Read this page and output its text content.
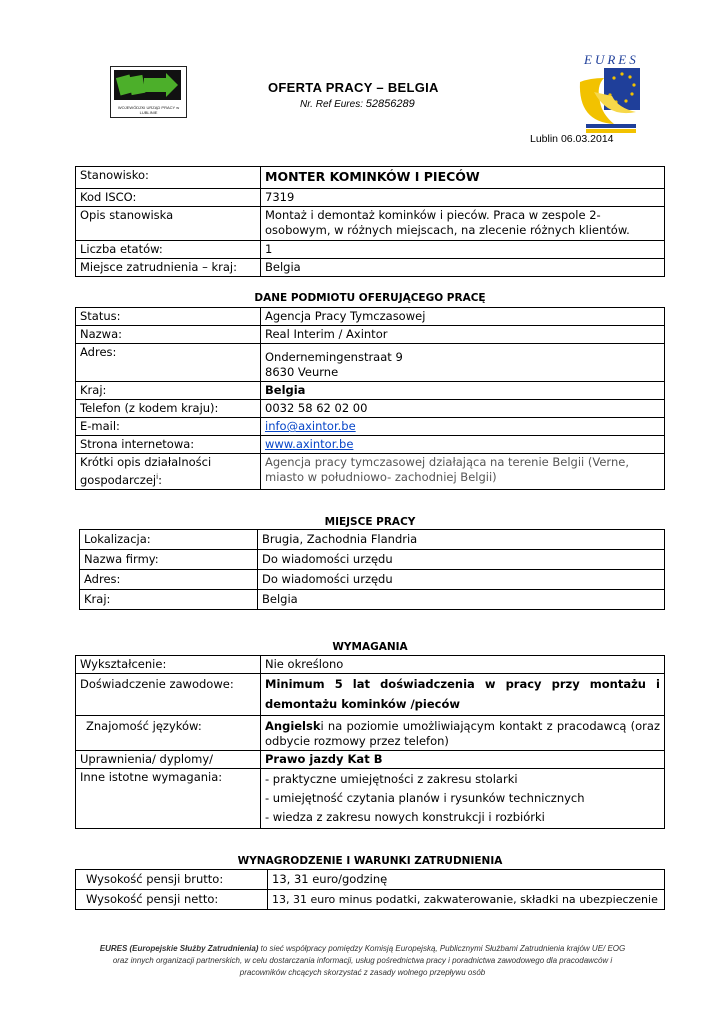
WOJEWÓDZKI URZĄD PRACY w LUBLINIE
OFERTA PRACY – BELGIA
Nr. Ref Eures: 52856289
EURES
Lublin 06.03.2014
Stanowisko:	MONTER KOMINKÓW I PIECÓW
Kod ISCO:	7319
Opis stanowiska	Montaż i demontaż kominków i pieców. Praca w zespole 2-osobowym, w różnych miejscach, na zlecenie różnych klientów.
Liczba etatów:	1
Miejsce zatrudnienia – kraj:	Belgia
DANE PODMIOTU OFERUJĄCEGO PRACĘ
Status:	Agencja Pracy Tymczasowej
Nazwa:	Real Interim / Axintor
Adres:	Ondernemingenstraat 9
8630 Veurne

Kraj:	Belgia
Telefon (z kodem kraju):	0032 58 62 02 00
E-mail:	info@axintor.be
Strona internetowa:	www.axintor.be

Krótki opis działalności
gospodarczej$^i$:	Agencja pracy tymczasowej działająca na terenie Belgii (Verne, miasto w południowo- zachodniej Belgii)
MIEJSCE PRACY
Lokalizacja:	Brugia, Zachodnia Flandria
Nazwa firmy:	Do wiadomości urzędu
Adres:	Do wiadomości urzędu
Kraj:	Belgia
WYMAGANIA
Wykształcenie:	Nie określono
Doświadczenie zawodowe:	Minimum 5 lat doświadczenia w pracy przy montażu i demontażu kominków /pieców
Znajomość języków:	Angielski na poziomie umożliwiającym kontakt z pracodawcą (oraz odbycie rozmowy przez telefon)
Uprawnienia/ dyplomy/	Prawo jazdy Kat B
Inne istotne wymagania:	- praktyczne umiejętności z zakresu stolarki
- umiejętność czytania planów i rysunków technicznych
- wiedza z zakresu nowych konstrukcji i rozbiórki
WYNAGRODZENIE I WARUNKI ZATRUDNIENIA
Wysokość pensji brutto:	13, 31 euro/godzinę
Wysokość pensji netto:	13, 31 euro minus podatki, zakwaterowanie, składki na ubezpieczenie
EURES (Europejskie Służby Zatrudnienia) to sieć współpracy pomiędzy Komisją Europejską, Publicznymi Służbami Zatrudnienia krajów UE/ EOG
oraz innych organizacji partnerskich, w celu dostarczania informacji, usług pośrednictwa pracy i poradnictwa zawodowego dla pracodawców i
pracowników chcących skorzystać z zasady wolnego przepływu osób
